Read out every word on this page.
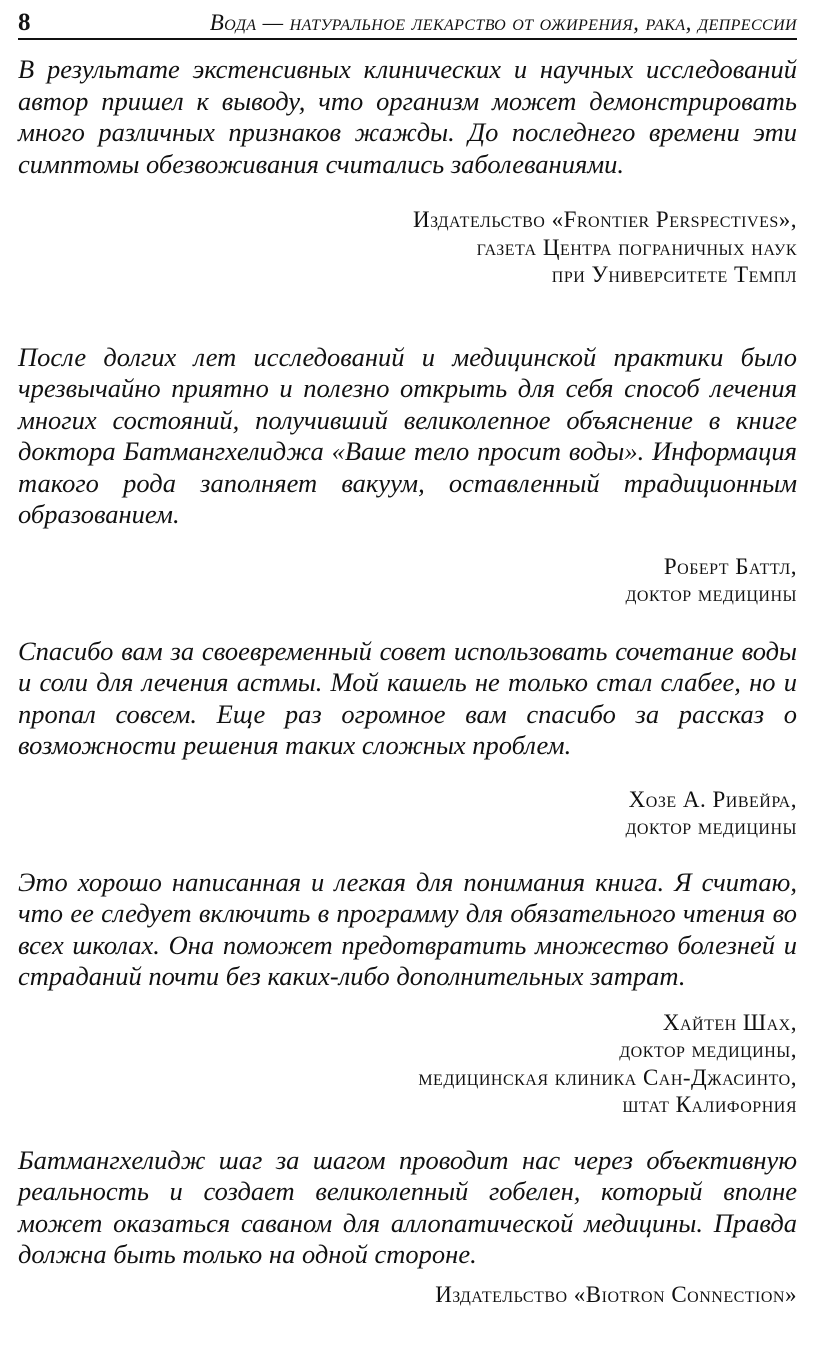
8	Вода — натуральное лекарство от ожирения, рака, депрессии

В результате экстенсивных клинических и научных исследований автор пришел к выводу, что организм может демонстрировать много различных признаков жажды. До последнего времени эти симптомы обезвоживания считались заболеваниями.

Издательство «Frontier Perspectives»,
газета Центра пограничных наук
при Университете Темпл

После долгих лет исследований и медицинской практики было чрезвычайно приятно и полезно открыть для себя способ лечения многих состояний, получивший великолепное объяснение в книге доктора Батмангхелиджа «Ваше тело просит воды». Информация такого рода заполняет вакуум, оставленный традиционным образованием.

Роберт Баттл,
доктор медицины

Спасибо вам за своевременный совет использовать сочетание воды и соли для лечения астмы. Мой кашель не только стал слабее, но и пропал совсем. Еще раз огромное вам спасибо за рассказ о возможности решения таких сложных проблем.

Хозе А. Ривейра,
доктор медицины

Это хорошо написанная и легкая для понимания книга. Я считаю, что ее следует включить в программу для обязательного чтения во всех школах. Она поможет предотвратить множество болезней и страданий почти без каких-либо дополнительных затрат.

Хайтен Шах,
доктор медицины,
медицинская клиника Сан-Джасинто,
штат Калифорния

Батмангхелидж шаг за шагом проводит нас через объективную реальность и создает великолепный гобелен, который вполне может оказаться саваном для аллопатической медицины. Правда должна быть только на одной стороне.

Издательство «Biotron Connection»
